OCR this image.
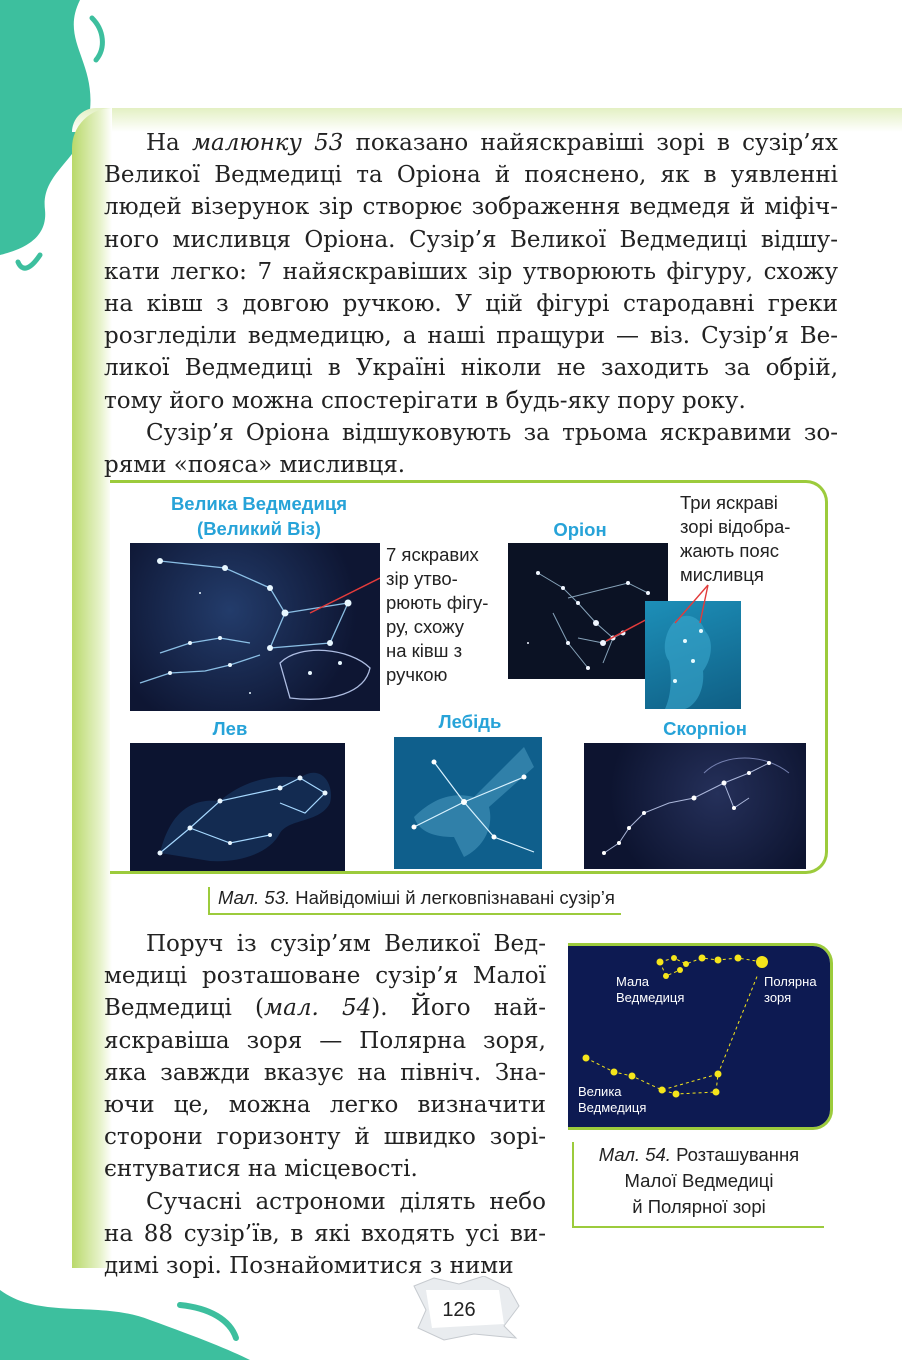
На малюнку 53 показано найяскравіші зорі в сузір’ях
Великої Ведмедиці та Оріона й пояснено, як в уявленні
людей візерунок зір створює зображення ведмедя й міфіч-
ного мисливця Оріона. Сузір’я Великої Ведмедиці відшу-
кати легко: 7 найяскравіших зір утворюють фігуру, схожу
на ківш з довгою ручкою. У цій фігурі стародавні греки
розгледіли ведмедицю, а наші пращури — віз. Сузір’я Ве-
ликої Ведмедиці в Україні ніколи не заходить за обрій,
тому його можна спостерігати в будь-яку пору року.

Сузір’я Оріона відшуковують за трьома яскравими зо-
рями «пояса» мисливця.

Велика Ведмедиця
(Великий Віз)
7 яскравих
зір утво-
рюють фігу-
ру, схожу
на ківш з
ручкою
Оріон
Три яскраві
зорі відобра-
жають пояс
мисливця
Лев	Лебідь	Скорпіон
Мал. 53. Найвідоміші й легковпізнавані сузір’я

Поруч із сузір’ям Великої Вед-
медиці розташоване сузір’я Малої
Ведмедиці (мал. 54). Його най-
яскравіша зоря — Полярна зоря,
яка завжди вказує на північ. Зна-
ючи це, можна легко визначити
сторони горизонту й швидко зорі-
єнтуватися на місцевості.

Сучасні астрономи ділять небо
на 88 сузір’їв, в які входять усі ви-
димі зорі. Познайомитися з ними

Мала
Ведмедиця
Полярна
зоря
Велика
Ведмедиця
Мал. 54. Розташування
Малої Ведмедиці
й Полярної зорі
126
